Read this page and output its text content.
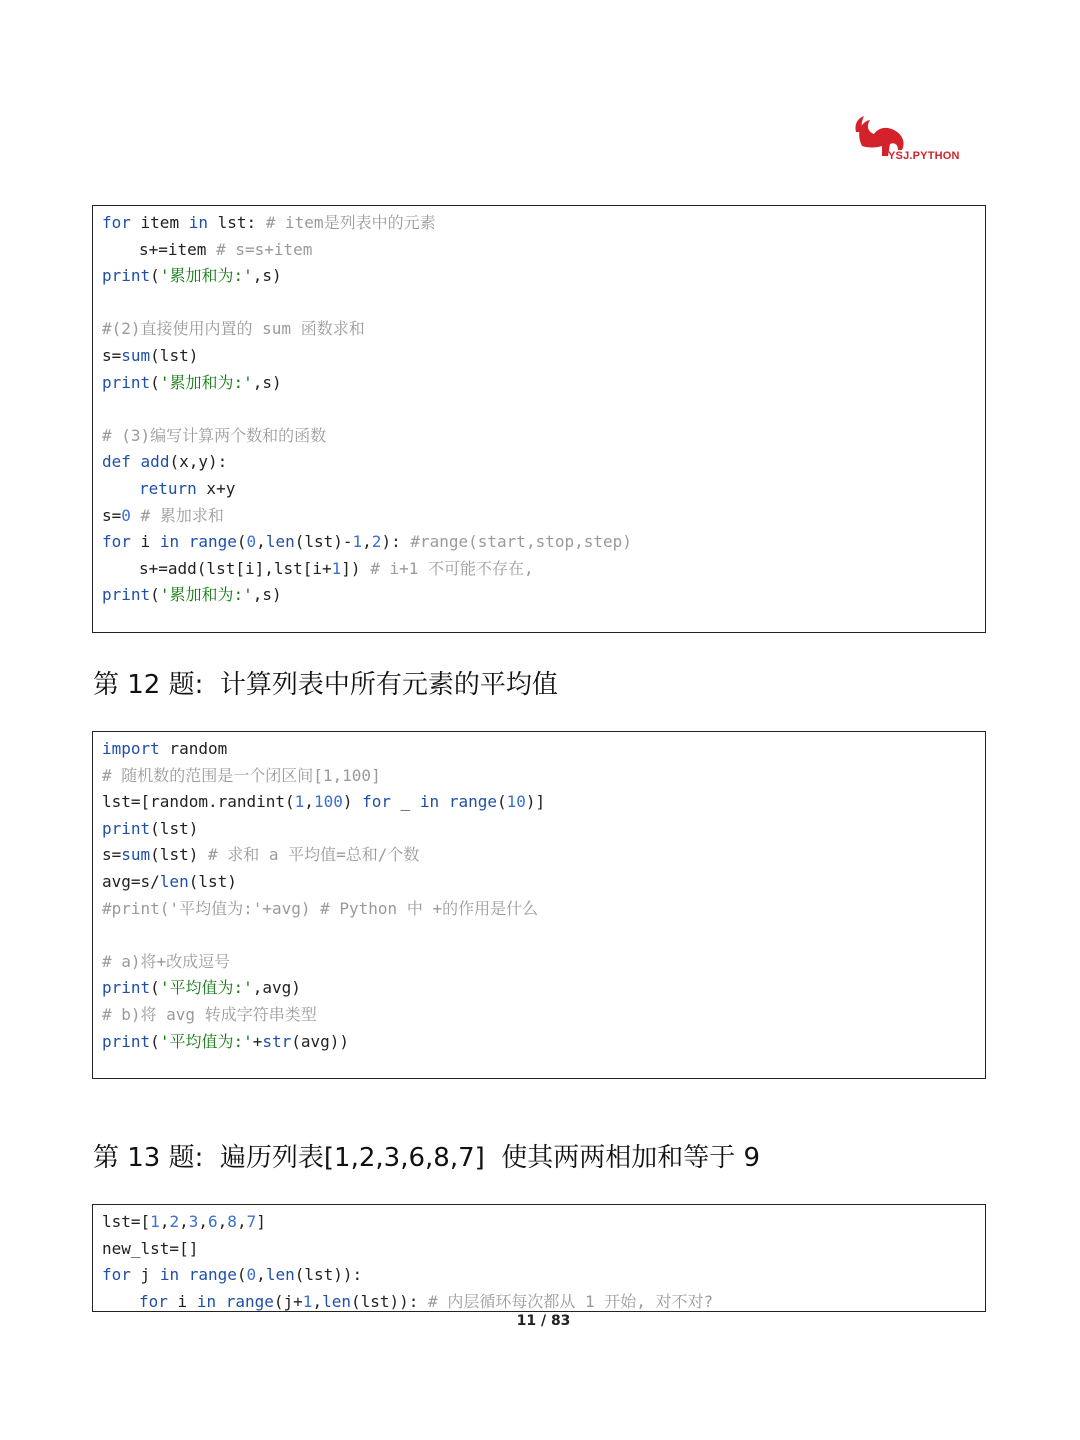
YSJ.PYTHON
for item in lst: # item是列表中的元素
s+=item # s=s+item
print('累加和为:',s)
#(2)直接使用内置的 sum 函数求和
s=sum(lst)
print('累加和为:',s)
# (3)编写计算两个数和的函数
def add(x,y):
return x+y
s=0 # 累加求和
for i in range(0,len(lst)-1,2): #range(start,stop,step)
s+=add(lst[i],lst[i+1]) # i+1 不可能不存在,
print('累加和为:',s)
第 12 题:  计算列表中所有元素的平均值
import random
# 随机数的范围是一个闭区间[1,100]
lst=[random.randint(1,100) for _ in range(10)]
print(lst)
s=sum(lst) # 求和 a 平均值=总和/个数
avg=s/len(lst)
#print('平均值为:'+avg) # Python 中 +的作用是什么
# a)将+改成逗号
print('平均值为:',avg)
# b)将 avg 转成字符串类型
print('平均值为:'+str(avg))
第 13 题:  遍历列表[1,2,3,6,8,7]  使其两两相加和等于 9
lst=[1,2,3,6,8,7]
new_lst=[]
for j in range(0,len(lst)):
for i in range(j+1,len(lst)): # 内层循环每次都从 1 开始, 对不对?
11 / 83
